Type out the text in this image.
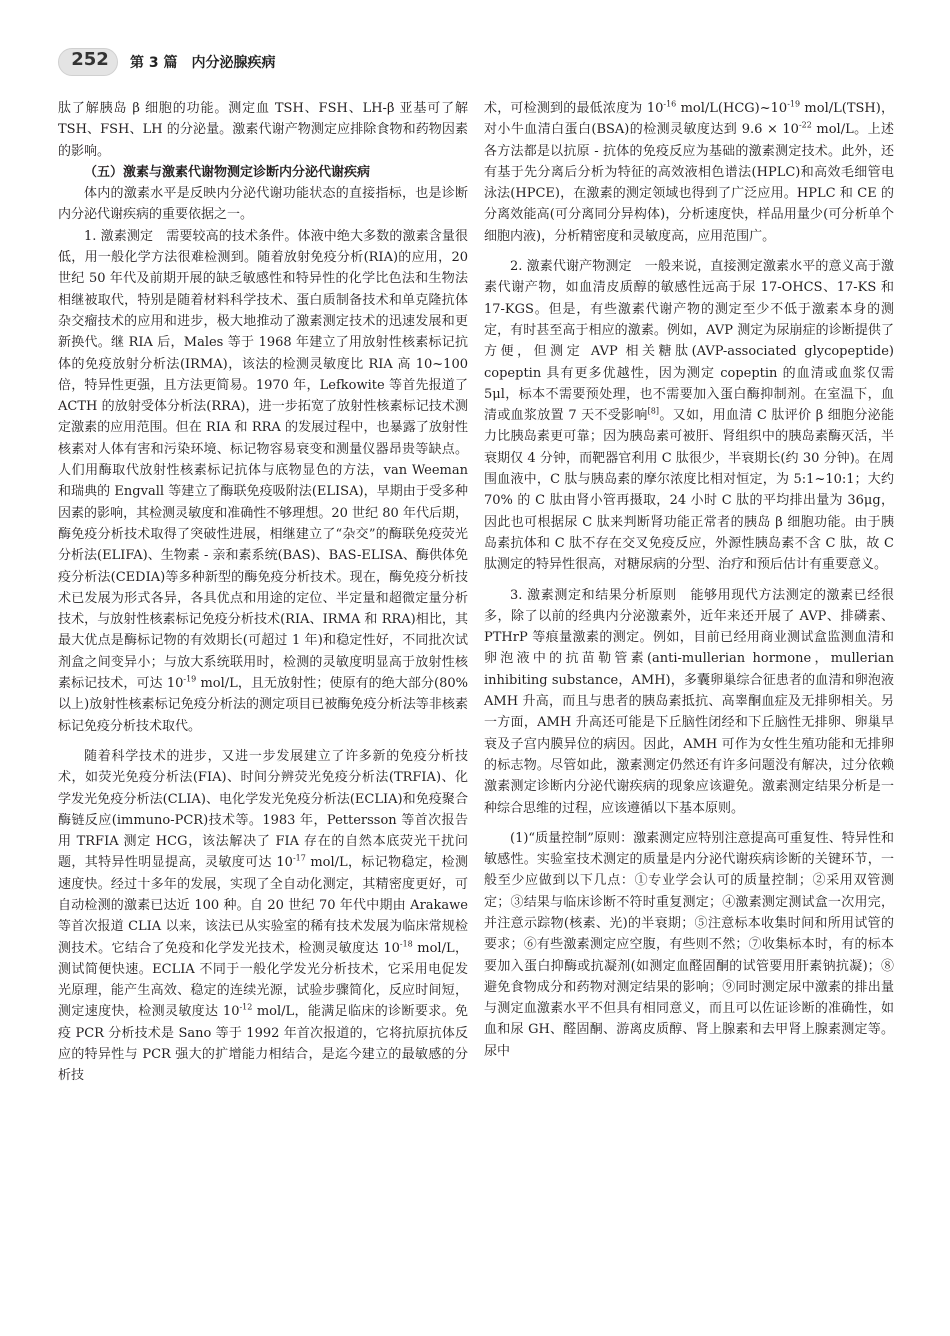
252	第 3 篇　内分泌腺疾病

肽了解胰岛 β 细胞的功能。测定血 TSH、FSH、LH-β 亚基可了解 TSH、FSH、LH 的分泌量。激素代谢产物测定应排除食物和药物因素的影响。

（五）激素与激素代谢物测定诊断内分泌代谢疾病

体内的激素水平是反映内分泌代谢功能状态的直接指标，也是诊断内分泌代谢疾病的重要依据之一。

1. 激素测定　需要较高的技术条件。体液中绝大多数的激素含量很低，用一般化学方法很难检测到。随着放射免疫分析(RIA)的应用，20 世纪 50 年代及前期开展的缺乏敏感性和特异性的化学比色法和生物法相继被取代，特别是随着材料科学技术、蛋白质制备技术和单克隆抗体杂交瘤技术的应用和进步，极大地推动了激素测定技术的迅速发展和更新换代。继 RIA 后，Males 等于 1968 年建立了用放射性核素标记抗体的免疫放射分析法(IRMA)，该法的检测灵敏度比 RIA 高 10~100 倍，特异性更强，且方法更简易。1970 年，Lefkowite 等首先报道了 ACTH 的放射受体分析法(RRA)，进一步拓宽了放射性核素标记技术测定激素的应用范围。但在 RIA 和 RRA 的发展过程中，也暴露了放射性核素对人体有害和污染环境、标记物容易衰变和测量仪器昂贵等缺点。人们用酶取代放射性核素标记抗体与底物显色的方法，van Weeman 和瑞典的 Engvall 等建立了酶联免疫吸附法(ELISA)，早期由于受多种因素的影响，其检测灵敏度和准确性不够理想。20 世纪 80 年代后期，酶免疫分析技术取得了突破性进展，相继建立了“杂交”的酶联免疫荧光分析法(ELIFA)、生物素 - 亲和素系统(BAS)、BAS-ELISA、酶供体免疫分析法(CEDIA)等多种新型的酶免疫分析技术。现在，酶免疫分析技术已发展为形式各异，各具优点和用途的定位、半定量和超微定量分析技术，与放射性核素标记免疫分析技术(RIA、IRMA 和 RRA)相比，其最大优点是酶标记物的有效期长(可超过 1 年)和稳定性好，不同批次试剂盒之间变异小；与放大系统联用时，检测的灵敏度明显高于放射性核素标记技术，可达 $10^{-19}$ mol/L，且无放射性；使原有的绝大部分(80% 以上)放射性核素标记免疫分析法的测定项目已被酶免疫分析法等非核素标记免疫分析技术取代。

随着科学技术的进步，又进一步发展建立了许多新的免疫分析技术，如荧光免疫分析法(FIA)、时间分辨荧光免疫分析法(TRFIA)、化学发光免疫分析法(CLIA)、电化学发光免疫分析法(ECLIA)和免疫聚合酶链反应(immuno-PCR)技术等。1983 年，Pettersson 等首次报告用 TRFIA 测定 HCG，该法解决了 FIA 存在的自然本底荧光干扰问题，其特异性明显提高，灵敏度可达 $10^{-17}$ mol/L，标记物稳定，检测速度快。经过十多年的发展，实现了全自动化测定，其精密度更好，可自动检测的激素已达近 100 种。自 20 世纪 70 年代中期由 Arakawe 等首次报道 CLIA 以来，该法已从实验室的稀有技术发展为临床常规检测技术。它结合了免疫和化学发光技术，检测灵敏度达 $10^{-18}$ mol/L，测试简便快速。ECLIA 不同于一般化学发光分析技术，它采用电促发光原理，能产生高效、稳定的连续光源，试验步骤简化，反应时间短，测定速度快，检测灵敏度达 $10^{-12}$ mol/L，能满足临床的诊断要求。免疫 PCR 分析技术是 Sano 等于 1992 年首次报道的，它将抗原抗体反应的特异性与 PCR 强大的扩增能力相结合，是迄今建立的最敏感的分析技

术，可检测到的最低浓度为 $10^{-16}$ mol/$L(HCG)\sim 10^{-19}$ mol/L(TSH)，对小牛血清白蛋白(BSA)的检测灵敏度达到 $9.6 \times 10^{-22}$ mol/L。上述各方法都是以抗原 - 抗体的免疫反应为基础的激素测定技术。此外，还有基于先分离后分析为特征的高效液相色谱法(HPLC)和高效毛细管电泳法(HPCE)，在激素的测定领域也得到了广泛应用。HPLC 和 CE 的分离效能高(可分离同分异构体)，分析速度快，样品用量少(可分析单个细胞内液)，分析精密度和灵敏度高，应用范围广。

2. 激素代谢产物测定　一般来说，直接测定激素水平的意义高于激素代谢产物，如血清皮质醇的敏感性远高于尿 17-OHCS、17-KS 和 17-KGS。但是，有些激素代谢产物的测定至少不低于激素本身的测定，有时甚至高于相应的激素。例如，AVP 测定为尿崩症的诊断提供了方便，但测定 AVP 相关糖肽(AVP-associated glycopeptide) copeptin 具有更多优越性，因为测定 copeptin 的血清或血浆仅需 5μl，标本不需要预处理，也不需要加入蛋白酶抑制剂。在室温下，血清或血浆放置 7 天不受影响[8]。又如，用血清 C 肽评价 β 细胞分泌能力比胰岛素更可靠；因为胰岛素可被肝、肾组织中的胰岛素酶灭活，半衰期仅 4 分钟，而靶器官利用 C 肽很少，半衰期长(约 30 分钟)。在周围血液中，C 肽与胰岛素的摩尔浓度比相对恒定，为 5:1~10:1；大约 70% 的 C 肽由肾小管再摄取，24 小时 C 肽的平均排出量为 36μg，因此也可根据尿 C 肽来判断肾功能正常者的胰岛 β 细胞功能。由于胰岛素抗体和 C 肽不存在交叉免疫反应，外源性胰岛素不含 C 肽，故 C 肽测定的特异性很高，对糖尿病的分型、治疗和预后估计有重要意义。

3. 激素测定和结果分析原则　能够用现代方法测定的激素已经很多，除了以前的经典内分泌激素外，近年来还开展了 AVP、排磷素、PTHrP 等痕量激素的测定。例如，目前已经用商业测试盒监测血清和卵泡液中的抗苗勒管素(anti-mullerian hormone，mullerian inhibiting substance，AMH)，多囊卵巢综合征患者的血清和卵泡液 AMH 升高，而且与患者的胰岛素抵抗、高睾酮血症及无排卵相关。另一方面，AMH 升高还可能是下丘脑性闭经和下丘脑性无排卵、卵巢早衰及子宫内膜异位的病因。因此，AMH 可作为女性生殖功能和无排卵的标志物。尽管如此，激素测定仍然还有许多问题没有解决，过分依赖激素测定诊断内分泌代谢疾病的现象应该避免。激素测定结果分析是一种综合思维的过程，应该遵循以下基本原则。

(1)“质量控制”原则：激素测定应特别注意提高可重复性、特异性和敏感性。实验室技术测定的质量是内分泌代谢疾病诊断的关键环节，一般至少应做到以下几点：①专业学会认可的质量控制；②采用双管测定；③结果与临床诊断不符时重复测定；④激素测定测试盒一次用完，并注意示踪物(核素、光)的半衰期；⑤注意标本收集时间和所用试管的要求；⑥有些激素测定应空腹，有些则不然；⑦收集标本时，有的标本要加入蛋白抑酶或抗凝剂(如测定血醛固酮的试管要用肝素钠抗凝)；⑧避免食物成分和药物对测定结果的影响；⑨同时测定尿中激素的排出量与测定血激素水平不但具有相同意义，而且可以佐证诊断的准确性，如血和尿 GH、醛固酮、游离皮质醇、肾上腺素和去甲肾上腺素测定等。尿中
